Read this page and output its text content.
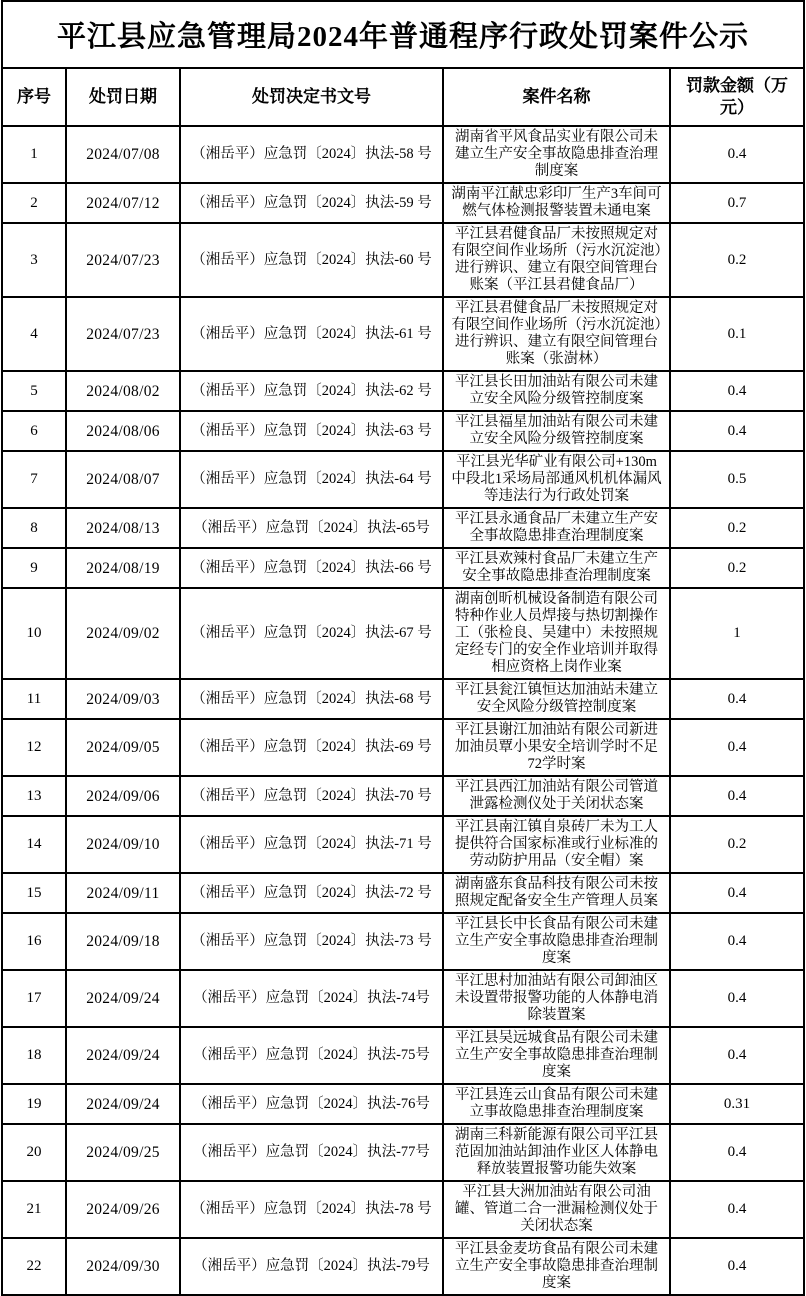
平江县应急管理局2024年普通程序行政处罚案件公示				
序号	处罚日期	处罚决定书文号	案件名称	罚款金额（万元）
1	2024/07/08	（湘岳平）应急罚〔2024〕执法-58 号	湖南省平风食品实业有限公司未建立生产安全事故隐患排查治理制度案	0.4
2	2024/07/12	（湘岳平）应急罚〔2024〕执法-59 号	湖南平江献忠彩印厂生产3车间可燃气体检测报警装置未通电案	0.7
3	2024/07/23	（湘岳平）应急罚〔2024〕执法-60 号	平江县君健食品厂未按照规定对有限空间作业场所（污水沉淀池）进行辨识、建立有限空间管理台账案（平江县君健食品厂）	0.2
4	2024/07/23	（湘岳平）应急罚〔2024〕执法-61 号	平江县君健食品厂未按照规定对有限空间作业场所（污水沉淀池）进行辨识、建立有限空间管理台账案（张澍林）	0.1
5	2024/08/02	（湘岳平）应急罚〔2024〕执法-62 号	平江县长田加油站有限公司未建立安全风险分级管控制度案	0.4
6	2024/08/06	（湘岳平）应急罚〔2024〕执法-63 号	平江县福星加油站有限公司未建立安全风险分级管控制度案	0.4
7	2024/08/07	（湘岳平）应急罚〔2024〕执法-64 号	平江县光华矿业有限公司+130m中段北1采场局部通风机机体漏风等违法行为行政处罚案	0.5
8	2024/08/13	（湘岳平）应急罚〔2024〕执法-65号	平江县永通食品厂未建立生产安全事故隐患排查治理制度案	0.2
9	2024/08/19	（湘岳平）应急罚〔2024〕执法-66 号	平江县欢辣村食品厂未建立生产安全事故隐患排查治理制度案	0.2
10	2024/09/02	（湘岳平）应急罚〔2024〕执法-67 号	湖南创昕机械设备制造有限公司特种作业人员焊接与热切割操作工（张检良、吴建中）未按照规定经专门的安全作业培训并取得相应资格上岗作业案	1
11	2024/09/03	（湘岳平）应急罚〔2024〕执法-68 号	平江县瓮江镇恒达加油站未建立安全风险分级管控制度案	0.4
12	2024/09/05	（湘岳平）应急罚〔2024〕执法-69 号	平江县谢江加油站有限公司新进加油员覃小果安全培训学时不足72学时案	0.4
13	2024/09/06	（湘岳平）应急罚〔2024〕执法-70 号	平江县西江加油站有限公司管道泄露检测仪处于关闭状态案	0.4
14	2024/09/10	（湘岳平）应急罚〔2024〕执法-71 号	平江县南江镇自泉砖厂未为工人提供符合国家标准或行业标准的劳动防护用品（安全帽）案	0.2
15	2024/09/11	（湘岳平）应急罚〔2024〕执法-72 号	湖南盛东食品科技有限公司未按照规定配备安全生产管理人员案	0.4
16	2024/09/18	（湘岳平）应急罚〔2024〕执法-73 号	平江县长中长食品有限公司未建立生产安全事故隐患排查治理制度案	0.4
17	2024/09/24	（湘岳平）应急罚〔2024〕执法-74号	平江思村加油站有限公司卸油区未设置带报警功能的人体静电消除装置案	0.4
18	2024/09/24	（湘岳平）应急罚〔2024〕执法-75号	平江县吴远城食品有限公司未建立生产安全事故隐患排查治理制度案	0.4
19	2024/09/24	（湘岳平）应急罚〔2024〕执法-76号	平江县连云山食品有限公司未建立事故隐患排查治理制度案	0.31
20	2024/09/25	（湘岳平）应急罚〔2024〕执法-77号	湖南三科新能源有限公司平江县范固加油站卸油作业区人体静电释放装置报警功能失效案	0.4
21	2024/09/26	（湘岳平）应急罚〔2024〕执法-78 号	平江县大洲加油站有限公司油罐、管道二合一泄漏检测仪处于关闭状态案	0.4
22	2024/09/30	（湘岳平）应急罚〔2024〕执法-79号	平江县金麦坊食品有限公司未建立生产安全事故隐患排查治理制度案	0.4
